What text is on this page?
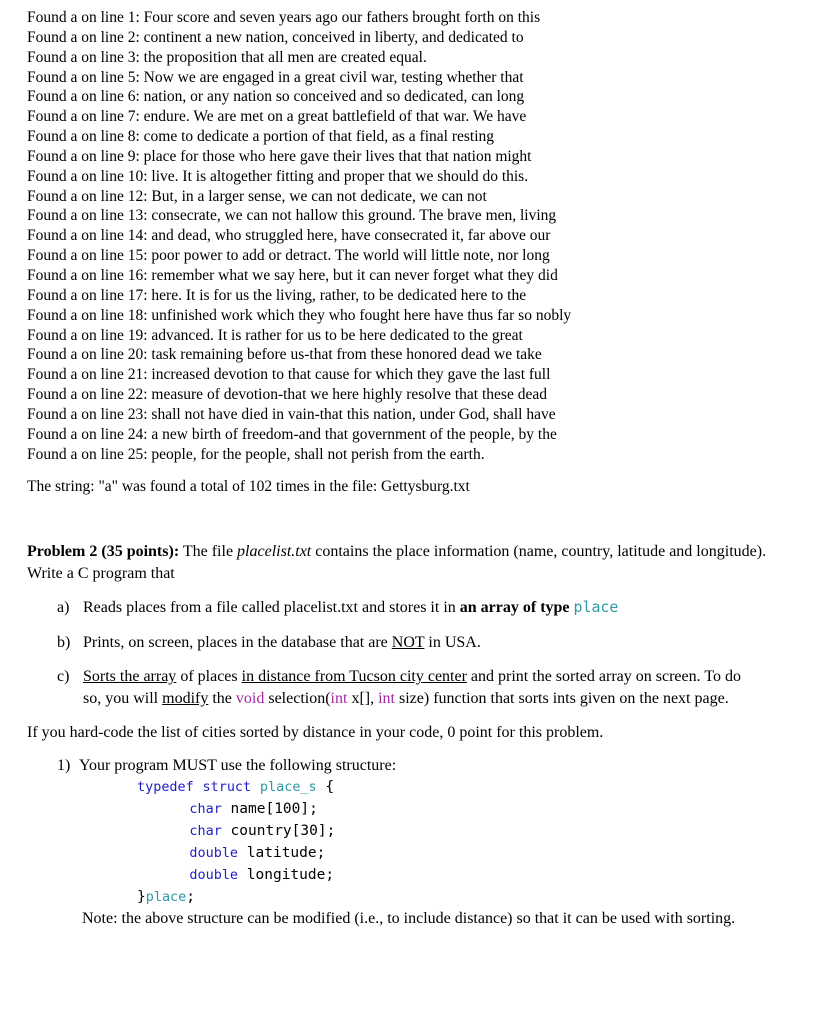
Found a on line 1: Four score and seven years ago our fathers brought forth on this
Found a on line 2: continent a new nation, conceived in liberty, and dedicated to
Found a on line 3: the proposition that all men are created equal.
Found a on line 5: Now we are engaged in a great civil war, testing whether that
Found a on line 6: nation, or any nation so conceived and so dedicated, can long
Found a on line 7: endure. We are met on a great battlefield of that war. We have
Found a on line 8: come to dedicate a portion of that field, as a final resting
Found a on line 9: place for those who here gave their lives that that nation might
Found a on line 10: live. It is altogether fitting and proper that we should do this.
Found a on line 12: But, in a larger sense, we can not dedicate, we can not
Found a on line 13: consecrate, we can not hallow this ground. The brave men, living
Found a on line 14: and dead, who struggled here, have consecrated it, far above our
Found a on line 15: poor power to add or detract. The world will little note, nor long
Found a on line 16: remember what we say here, but it can never forget what they did
Found a on line 17: here. It is for us the living, rather, to be dedicated here to the
Found a on line 18: unfinished work which they who fought here have thus far so nobly
Found a on line 19: advanced. It is rather for us to be here dedicated to the great
Found a on line 20: task remaining before us-that from these honored dead we take
Found a on line 21: increased devotion to that cause for which they gave the last full
Found a on line 22: measure of devotion-that we here highly resolve that these dead
Found a on line 23: shall not have died in vain-that this nation, under God, shall have
Found a on line 24: a new birth of freedom-and that government of the people, by the
Found a on line 25: people, for the people, shall not perish from the earth.

The string: "a" was found a total of 102 times in the file: Gettysburg.txt

Problem 2 (35 points): The file placelist.txt contains the place information (name, country, latitude and longitude). Write a C program that

a) Reads places from a file called placelist.txt and stores it in an array of type place
b) Prints, on screen, places in the database that are NOT in USA.
c) Sorts the array of places in distance from Tucson city center and print the sorted array on screen. To do so, you will modify the void selection(int x[], int size) function that sorts ints given on the next page.

If you hard-code the list of cities sorted by distance in your code, 0 point for this problem.

1) Your program MUST use the following structure:
typedef struct place_s {
char name[100];
char country[30];
double latitude;
double longitude;
}place;

Note: the above structure can be modified (i.e., to include distance) so that it can be used with sorting.
